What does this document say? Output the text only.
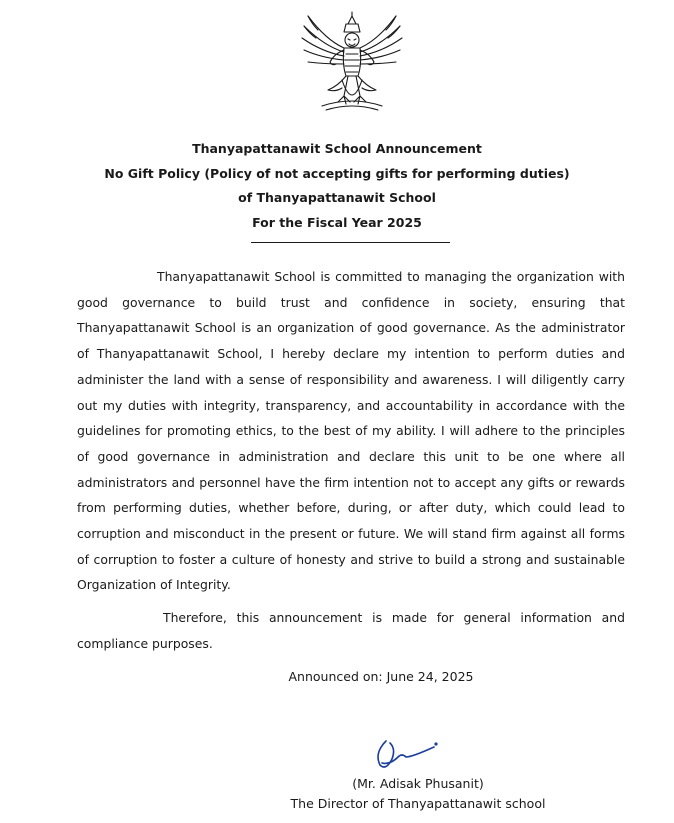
Thanyapattanawit School Announcement
No Gift Policy (Policy of not accepting gifts for performing duties)
of Thanyapattanawit School
For the Fiscal Year 2025

Thanyapattanawit School is committed to managing the organization with good governance to build trust and confidence in society, ensuring that Thanyapattanawit School is an organization of good governance. As the administrator of Thanyapattanawit School, I hereby declare my intention to perform duties and administer the land with a sense of responsibility and awareness. I will diligently carry out my duties with integrity, transparency, and accountability in accordance with the guidelines for promoting ethics, to the best of my ability. I will adhere to the principles of good governance in administration and declare this unit to be one where all administrators and personnel have the firm intention not to accept any gifts or rewards from performing duties, whether before, during, or after duty, which could lead to corruption and misconduct in the present or future. We will stand firm against all forms of corruption to foster a culture of honesty and strive to build a strong and sustainable Organization of Integrity.

Therefore, this announcement is made for general information and compliance purposes.

Announced on: June 24, 2025
(Mr. Adisak Phusanit)
The Director of Thanyapattanawit school
